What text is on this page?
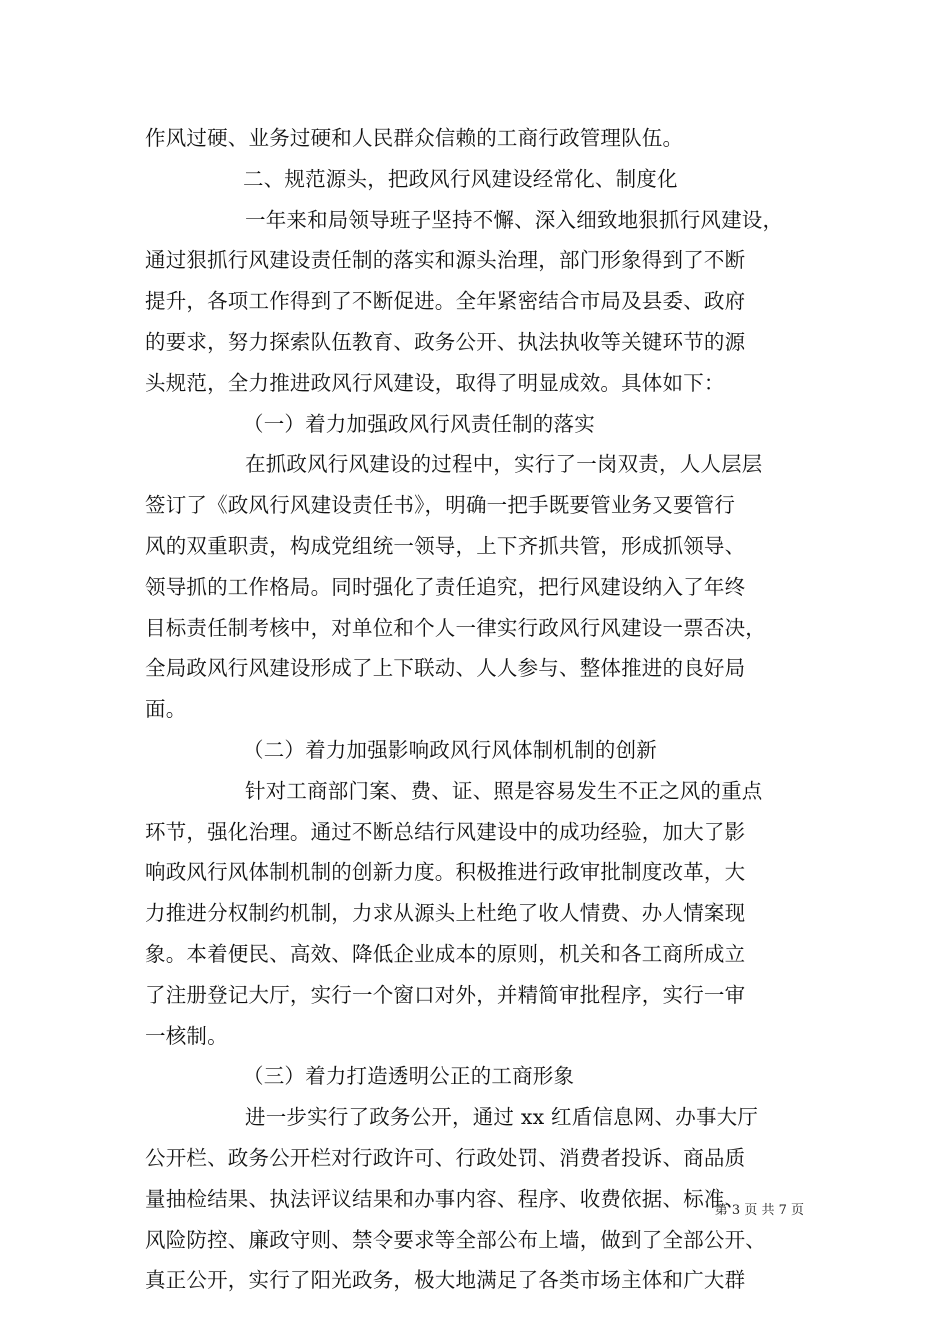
作风过硬、业务过硬和人民群众信赖的工商行政管理队伍。
二、规范源头，把政风行风建设经常化、制度化
一年来和局领导班子坚持不懈、深入细致地狠抓行风建设，
通过狠抓行风建设责任制的落实和源头治理，部门形象得到了不断
提升，各项工作得到了不断促进。全年紧密结合市局及县委、政府
的要求，努力探索队伍教育、政务公开、执法执收等关键环节的源
头规范，全力推进政风行风建设，取得了明显成效。具体如下：
（一）着力加强政风行风责任制的落实
在抓政风行风建设的过程中，实行了一岗双责，人人层层
签订了《政风行风建设责任书》，明确一把手既要管业务又要管行
风的双重职责，构成党组统一领导，上下齐抓共管，形成抓领导、
领导抓的工作格局。同时强化了责任追究，把行风建设纳入了年终
目标责任制考核中，对单位和个人一律实行政风行风建设一票否决，
全局政风行风建设形成了上下联动、人人参与、整体推进的良好局
面。
（二）着力加强影响政风行风体制机制的创新
针对工商部门案、费、证、照是容易发生不正之风的重点
环节，强化治理。通过不断总结行风建设中的成功经验，加大了影
响政风行风体制机制的创新力度。积极推进行政审批制度改革，大
力推进分权制约机制，力求从源头上杜绝了收人情费、办人情案现
象。本着便民、高效、降低企业成本的原则，机关和各工商所成立
了注册登记大厅，实行一个窗口对外，并精简审批程序，实行一审
一核制。
（三）着力打造透明公正的工商形象
进一步实行了政务公开，通过 xx 红盾信息网、办事大厅
公开栏、政务公开栏对行政许可、行政处罚、消费者投诉、商品质
量抽检结果、执法评议结果和办事内容、程序、收费依据、标准、
风险防控、廉政守则、禁令要求等全部公布上墙，做到了全部公开、
真正公开，实行了阳光政务，极大地满足了各类市场主体和广大群
第 3 页 共 7 页
